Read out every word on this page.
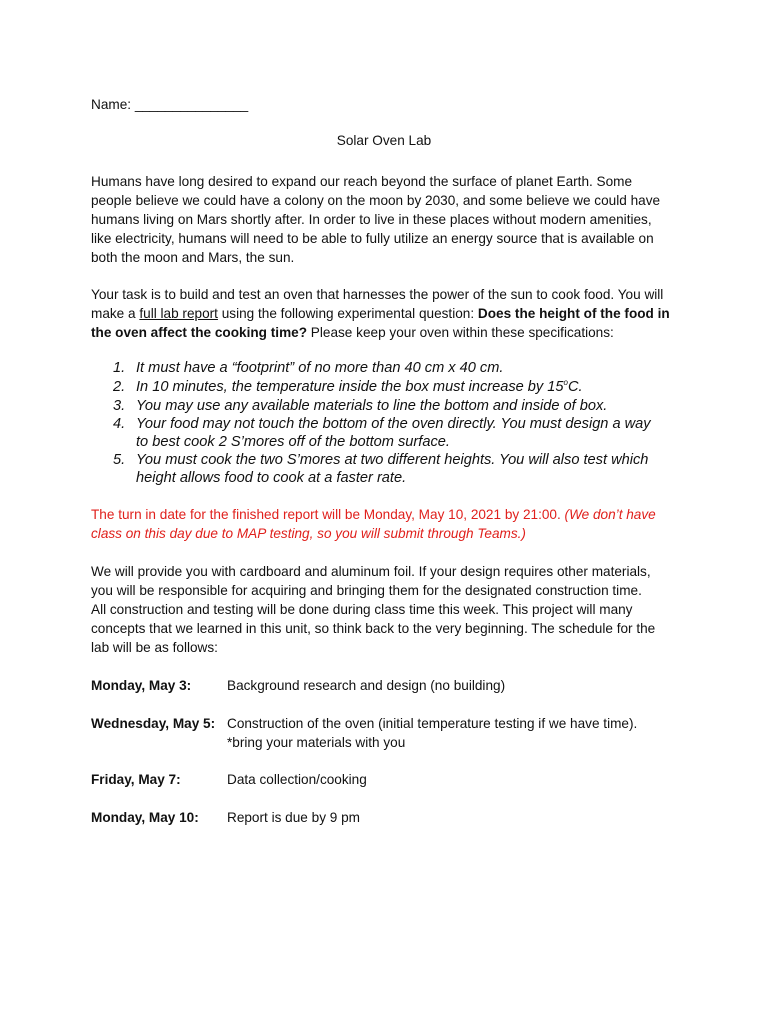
Name: _______________
Solar Oven Lab
Humans have long desired to expand our reach beyond the surface of planet Earth. Some
people believe we could have a colony on the moon by 2030, and some believe we could have
humans living on Mars shortly after. In order to live in these places without modern amenities,
like electricity, humans will need to be able to fully utilize an energy source that is available on
both the moon and Mars, the sun.
Your task is to build and test an oven that harnesses the power of the sun to cook food. You will
make a full lab report using the following experimental question: Does the height of the food in
the oven affect the cooking time? Please keep your oven within these specifications:
1. It must have a “footprint” of no more than 40 cm x 40 cm.
2. In 10 minutes, the temperature inside the box must increase by 15$^o$C.
3. You may use any available materials to line the bottom and inside of box.
4. Your food may not touch the bottom of the oven directly. You must design a way
to best cook 2 S’mores off of the bottom surface.
5. You must cook the two S’mores at two different heights. You will also test which
height allows food to cook at a faster rate.
The turn in date for the finished report will be Monday, May 10, 2021 by 21:00. (We don’t have
class on this day due to MAP testing, so you will submit through Teams.)
We will provide you with cardboard and aluminum foil. If your design requires other materials,
you will be responsible for acquiring and bringing them for the designated construction time.
All construction and testing will be done during class time this week. This project will many
concepts that we learned in this unit, so think back to the very beginning. The schedule for the
lab will be as follows:
Monday, May 3:	Background research and design (no building)
Wednesday, May 5: Construction of the oven (initial temperature testing if we have time).
*bring your materials with you
Friday, May 7:	Data collection/cooking
Monday, May 10: Report is due by 9 pm
